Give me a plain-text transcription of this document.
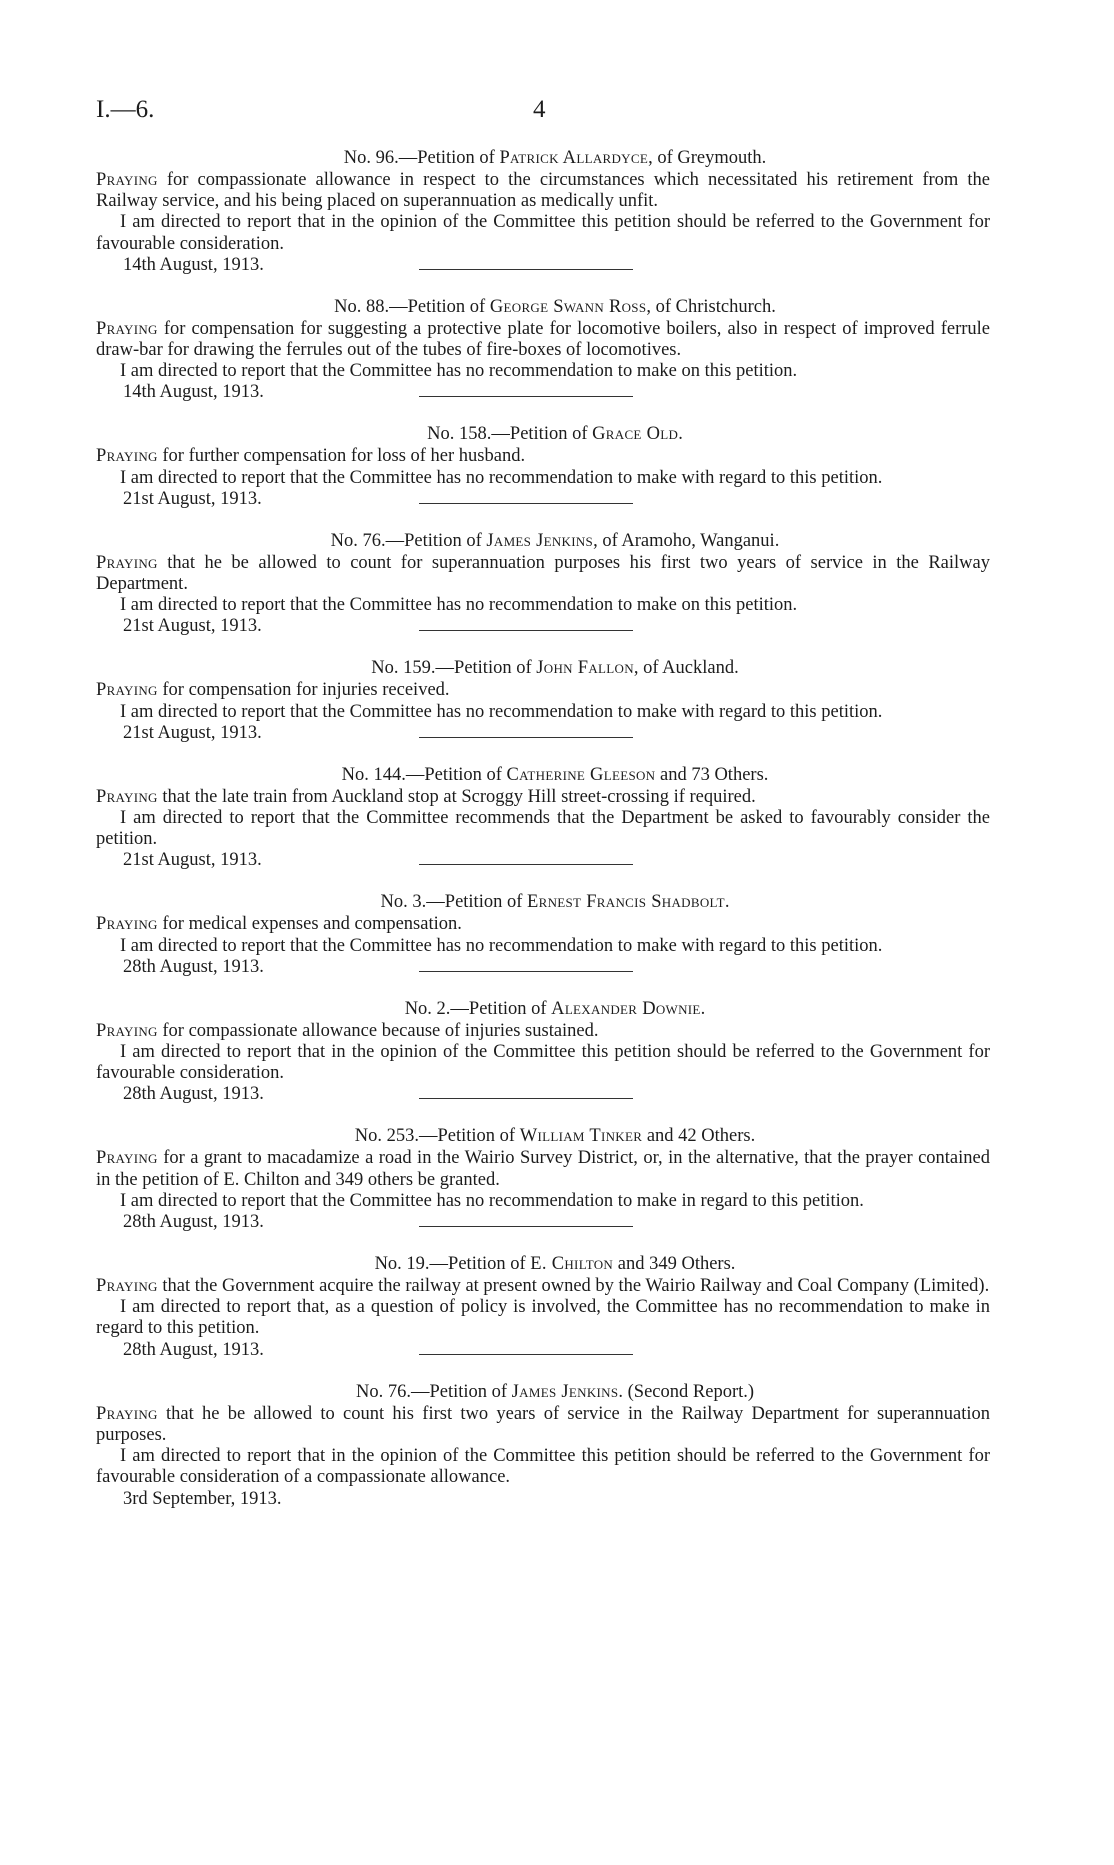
I.—6.	4
No. 96.—Petition of Patrick Allardyce, of Greymouth.

Praying for compassionate allowance in respect to the circumstances which necessitated his retirement from the Railway service, and his being placed on superannuation as medically unfit.

I am directed to report that in the opinion of the Committee this petition should be referred to the Government for favourable consideration.

14th August, 1913.
No. 88.—Petition of George Swann Ross, of Christchurch.

Praying for compensation for suggesting a protective plate for locomotive boilers, also in respect of improved ferrule draw-bar for drawing the ferrules out of the tubes of fire-boxes of locomotives.

I am directed to report that the Committee has no recommendation to make on this petition.

14th August, 1913.
No. 158.—Petition of Grace Old.

Praying for further compensation for loss of her husband.

I am directed to report that the Committee has no recommendation to make with regard to this petition.

21st August, 1913.
No. 76.—Petition of James Jenkins, of Aramoho, Wanganui.

Praying that he be allowed to count for superannuation purposes his first two years of service in the Railway Department.

I am directed to report that the Committee has no recommendation to make on this petition.

21st August, 1913.
No. 159.—Petition of John Fallon, of Auckland.

Praying for compensation for injuries received.

I am directed to report that the Committee has no recommendation to make with regard to this petition.

21st August, 1913.
No. 144.—Petition of Catherine Gleeson and 73 Others.

Praying that the late train from Auckland stop at Scroggy Hill street-crossing if required.

I am directed to report that the Committee recommends that the Department be asked to favourably consider the petition.

21st August, 1913.
No. 3.—Petition of Ernest Francis Shadbolt.

Praying for medical expenses and compensation.

I am directed to report that the Committee has no recommendation to make with regard to this petition.

28th August, 1913.
No. 2.—Petition of Alexander Downie.

Praying for compassionate allowance because of injuries sustained.

I am directed to report that in the opinion of the Committee this petition should be referred to the Government for favourable consideration.

28th August, 1913.
No. 253.—Petition of William Tinker and 42 Others.

Praying for a grant to macadamize a road in the Wairio Survey District, or, in the alternative, that the prayer contained in the petition of E. Chilton and 349 others be granted.

I am directed to report that the Committee has no recommendation to make in regard to this petition.

28th August, 1913.
No. 19.—Petition of E. Chilton and 349 Others.

Praying that the Government acquire the railway at present owned by the Wairio Railway and Coal Company (Limited).

I am directed to report that, as a question of policy is involved, the Committee has no recommendation to make in regard to this petition.

28th August, 1913.
No. 76.—Petition of James Jenkins. (Second Report.)

Praying that he be allowed to count his first two years of service in the Railway Department for superannuation purposes.

I am directed to report that in the opinion of the Committee this petition should be referred to the Government for favourable consideration of a compassionate allowance.

3rd September, 1913.
